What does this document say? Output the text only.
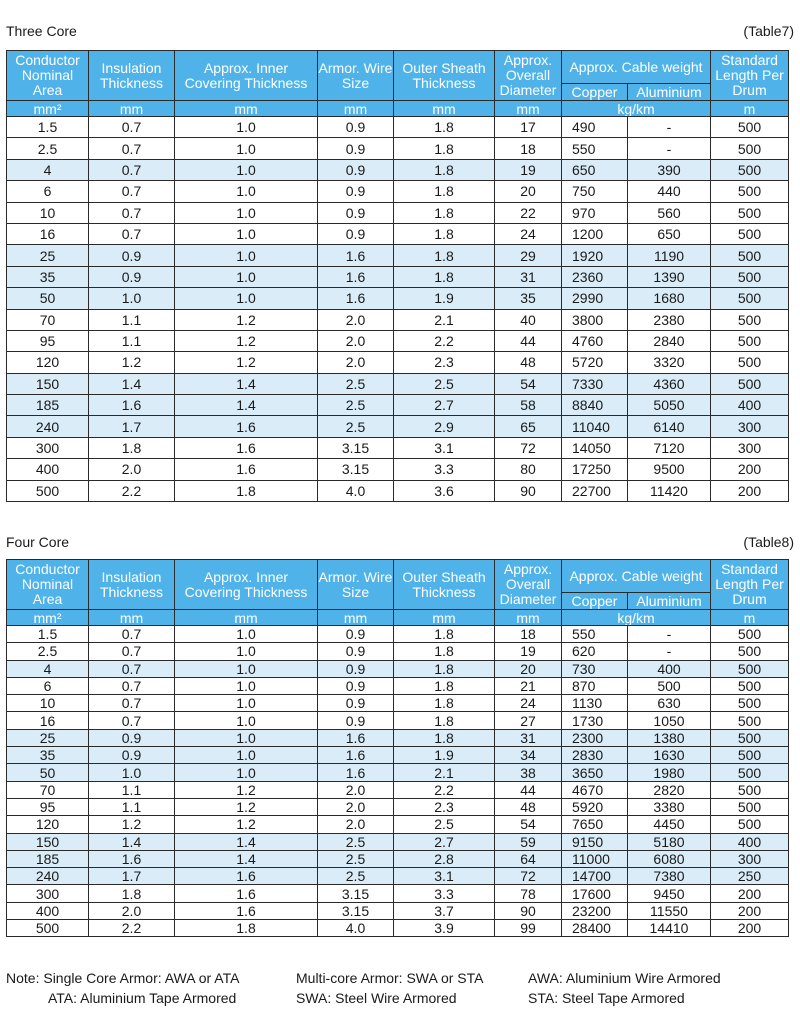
Three Core	(Table7)
Conductor Nominal Area	Insulation Thickness	Approx. Inner Covering Thickness	Armor. Wire Size	Outer Sheath Thickness	Approx. Overall Diameter	Approx. Cable weight		Standard Length Per Drum
						Copper	Aluminium	
mm²	mm	mm	mm	mm	mm	kg/km		m
1.5	0.7	1.0	0.9	1.8	17	490	-	500
2.5	0.7	1.0	0.9	1.8	18	550	-	500
4	0.7	1.0	0.9	1.8	19	650	390	500
6	0.7	1.0	0.9	1.8	20	750	440	500
10	0.7	1.0	0.9	1.8	22	970	560	500
16	0.7	1.0	0.9	1.8	24	1200	650	500
25	0.9	1.0	1.6	1.8	29	1920	1190	500
35	0.9	1.0	1.6	1.8	31	2360	1390	500
50	1.0	1.0	1.6	1.9	35	2990	1680	500
70	1.1	1.2	2.0	2.1	40	3800	2380	500
95	1.1	1.2	2.0	2.2	44	4760	2840	500
120	1.2	1.2	2.0	2.3	48	5720	3320	500
150	1.4	1.4	2.5	2.5	54	7330	4360	500
185	1.6	1.4	2.5	2.7	58	8840	5050	400
240	1.7	1.6	2.5	2.9	65	11040	6140	300
300	1.8	1.6	3.15	3.1	72	14050	7120	300
400	2.0	1.6	3.15	3.3	80	17250	9500	200
500	2.2	1.8	4.0	3.6	90	22700	11420	200
Four Core	(Table8)
Conductor Nominal Area	Insulation Thickness	Approx. Inner Covering Thickness	Armor. Wire Size	Outer Sheath Thickness	Approx. Overall Diameter	Approx. Cable weight		Standard Length Per Drum
						Copper	Aluminium	
mm²	mm	mm	mm	mm	mm	kg/km		m
1.5	0.7	1.0	0.9	1.8	18	550	-	500
2.5	0.7	1.0	0.9	1.8	19	620	-	500
4	0.7	1.0	0.9	1.8	20	730	400	500
6	0.7	1.0	0.9	1.8	21	870	500	500
10	0.7	1.0	0.9	1.8	24	1130	630	500
16	0.7	1.0	0.9	1.8	27	1730	1050	500
25	0.9	1.0	1.6	1.8	31	2300	1380	500
35	0.9	1.0	1.6	1.9	34	2830	1630	500
50	1.0	1.0	1.6	2.1	38	3650	1980	500
70	1.1	1.2	2.0	2.2	44	4670	2820	500
95	1.1	1.2	2.0	2.3	48	5920	3380	500
120	1.2	1.2	2.0	2.5	54	7650	4450	500
150	1.4	1.4	2.5	2.7	59	9150	5180	400
185	1.6	1.4	2.5	2.8	64	11000	6080	300
240	1.7	1.6	2.5	3.1	72	14700	7380	250
300	1.8	1.6	3.15	3.3	78	17600	9450	200
400	2.0	1.6	3.15	3.7	90	23200	11550	200
500	2.2	1.8	4.0	3.9	99	28400	14410	200
Note: Single Core Armor: AWA or ATA	Multi-core Armor: SWA or STA	AWA: Aluminium Wire Armored
ATA: Aluminium Tape Armored	SWA: Steel Wire Armored	STA: Steel Tape Armored
